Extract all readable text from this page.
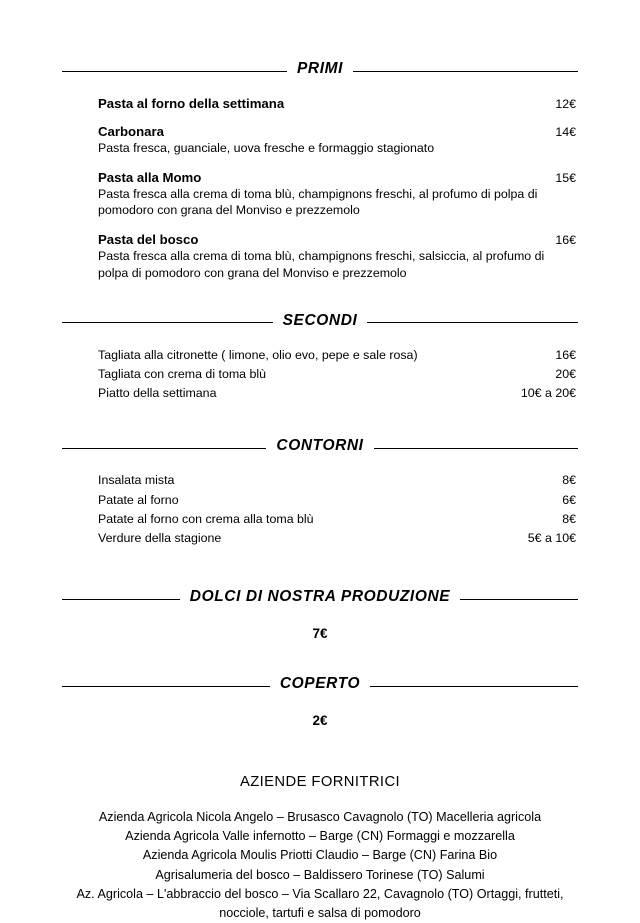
PRIMI
Pasta al forno della settimana	12€
Carbonara	14€
Pasta fresca, guanciale, uova fresche e formaggio stagionato
Pasta alla Momo	15€
Pasta fresca alla crema di toma blù, champignons freschi, al profumo di polpa di pomodoro con grana del Monviso e prezzemolo
Pasta del bosco	16€
Pasta fresca alla crema di toma blù, champignons freschi, salsiccia, al profumo di polpa di pomodoro con grana del Monviso e prezzemolo
SECONDI
Tagliata alla citronette ( limone, olio evo, pepe e sale rosa)	16€
Tagliata con crema di toma blù	20€
Piatto della settimana	10€ a 20€
CONTORNI
Insalata mista	8€
Patate al forno	6€
Patate al forno con crema alla toma blù	8€
Verdure della stagione	5€ a 10€
DOLCI DI NOSTRA PRODUZIONE
7€
COPERTO
2€
AZIENDE FORNITRICI
Azienda Agricola Nicola Angelo – Brusasco Cavagnolo (TO) Macelleria agricola
Azienda Agricola Valle infernotto – Barge (CN) Formaggi e mozzarella
Azienda Agricola Moulis Priotti Claudio – Barge (CN) Farina Bio
Agrisalumeria del bosco – Baldissero Torinese (TO) Salumi
Az. Agricola – L'abbraccio del bosco – Via Scallaro 22, Cavagnolo (TO) Ortaggi, frutteti,
nocciole, tartufi e salsa di pomodoro
